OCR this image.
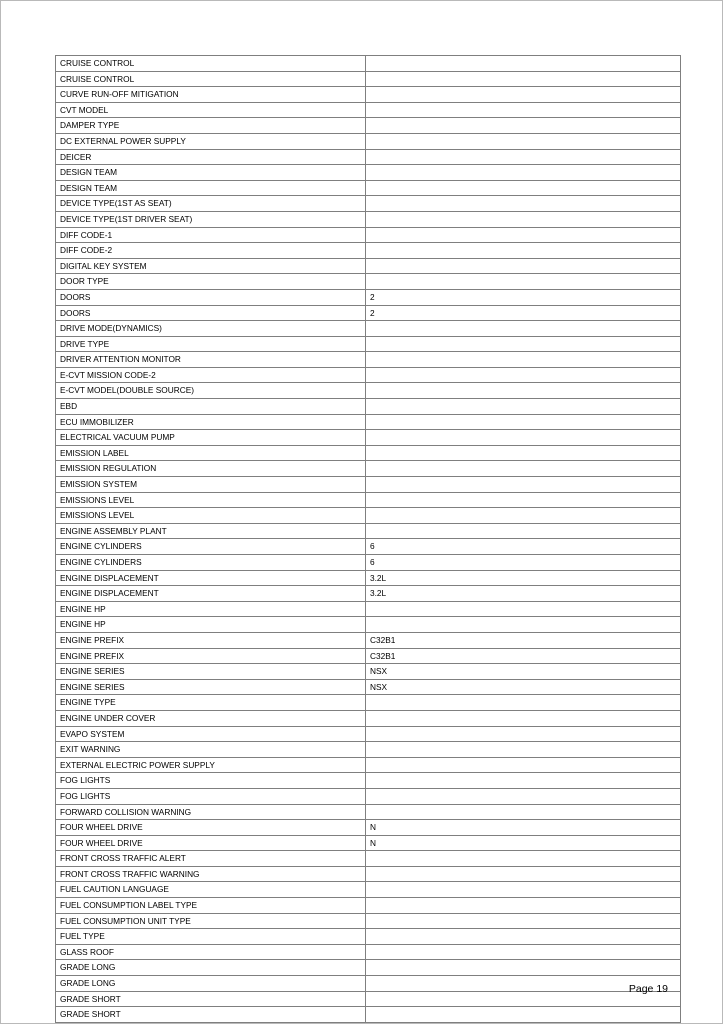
CRUISE CONTROL	
CRUISE CONTROL	
CURVE RUN-OFF MITIGATION	
CVT MODEL	
DAMPER TYPE	
DC EXTERNAL POWER SUPPLY	
DEICER	
DESIGN TEAM	
DESIGN TEAM	
DEVICE TYPE(1ST AS SEAT)	
DEVICE TYPE(1ST DRIVER SEAT)	
DIFF CODE-1	
DIFF CODE-2	
DIGITAL KEY SYSTEM	
DOOR TYPE	
DOORS	2
DOORS	2
DRIVE MODE(DYNAMICS)	
DRIVE TYPE	
DRIVER ATTENTION MONITOR	
E-CVT MISSION CODE-2	
E-CVT MODEL(DOUBLE SOURCE)	
EBD	
ECU IMMOBILIZER	
ELECTRICAL VACUUM PUMP	
EMISSION LABEL	
EMISSION REGULATION	
EMISSION SYSTEM	
EMISSIONS LEVEL	
EMISSIONS LEVEL	
ENGINE ASSEMBLY PLANT	
ENGINE CYLINDERS	6
ENGINE CYLINDERS	6
ENGINE DISPLACEMENT	3.2L
ENGINE DISPLACEMENT	3.2L
ENGINE HP	
ENGINE HP	
ENGINE PREFIX	C32B1
ENGINE PREFIX	C32B1
ENGINE SERIES	NSX
ENGINE SERIES	NSX
ENGINE TYPE	
ENGINE UNDER COVER	
EVAPO SYSTEM	
EXIT WARNING	
EXTERNAL ELECTRIC POWER SUPPLY	
FOG LIGHTS	
FOG LIGHTS	
FORWARD COLLISION WARNING	
FOUR WHEEL DRIVE	N
FOUR WHEEL DRIVE	N
FRONT CROSS TRAFFIC ALERT	
FRONT CROSS TRAFFIC WARNING	
FUEL CAUTION LANGUAGE	
FUEL CONSUMPTION LABEL TYPE	
FUEL CONSUMPTION UNIT TYPE	
FUEL TYPE	
GLASS ROOF	
GRADE LONG	
GRADE LONG	
GRADE SHORT	
GRADE SHORT	
Page 19
